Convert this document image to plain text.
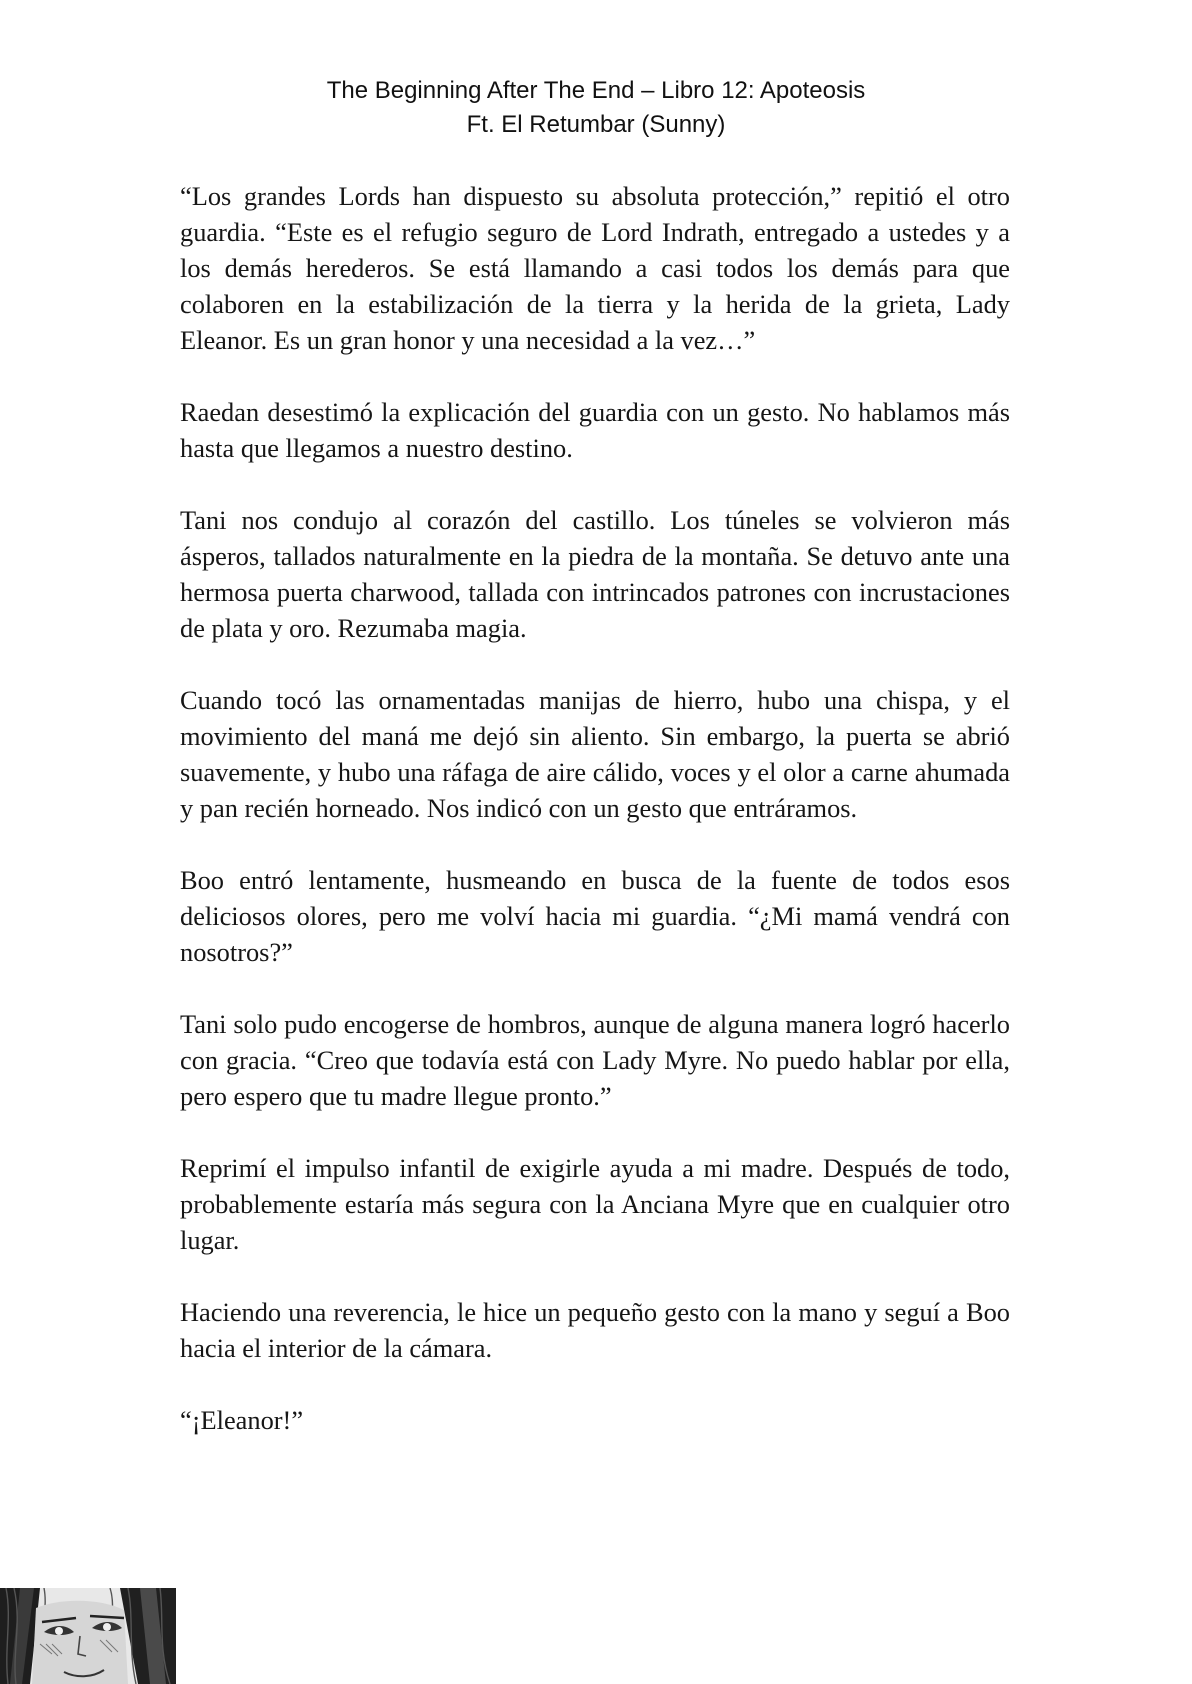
The Beginning After The End – Libro 12: Apoteosis
Ft. El Retumbar (Sunny)

“Los grandes Lords han dispuesto su absoluta protección,” repitió el otro guardia. “Este es el refugio seguro de Lord Indrath, entregado a ustedes y a los demás herederos. Se está llamando a casi todos los demás para que colaboren en la estabilización de la tierra y la herida de la grieta, Lady Eleanor. Es un gran honor y una necesidad a la vez…”

Raedan desestimó la explicación del guardia con un gesto. No hablamos más hasta que llegamos a nuestro destino.

Tani nos condujo al corazón del castillo. Los túneles se volvieron más ásperos, tallados naturalmente en la piedra de la montaña. Se detuvo ante una hermosa puerta charwood, tallada con intrincados patrones con incrustaciones de plata y oro. Rezumaba magia.

Cuando tocó las ornamentadas manijas de hierro, hubo una chispa, y el movimiento del maná me dejó sin aliento. Sin embargo, la puerta se abrió suavemente, y hubo una ráfaga de aire cálido, voces y el olor a carne ahumada y pan recién horneado. Nos indicó con un gesto que entráramos.

Boo entró lentamente, husmeando en busca de la fuente de todos esos deliciosos olores, pero me volví hacia mi guardia. “¿Mi mamá vendrá con nosotros?”

Tani solo pudo encogerse de hombros, aunque de alguna manera logró hacerlo con gracia. “Creo que todavía está con Lady Myre. No puedo hablar por ella, pero espero que tu madre llegue pronto.”

Reprimí el impulso infantil de exigirle ayuda a mi madre. Después de todo, probablemente estaría más segura con la Anciana Myre que en cualquier otro lugar.

Haciendo una reverencia, le hice un pequeño gesto con la mano y seguí a Boo hacia el interior de la cámara.

“¡Eleanor!”
